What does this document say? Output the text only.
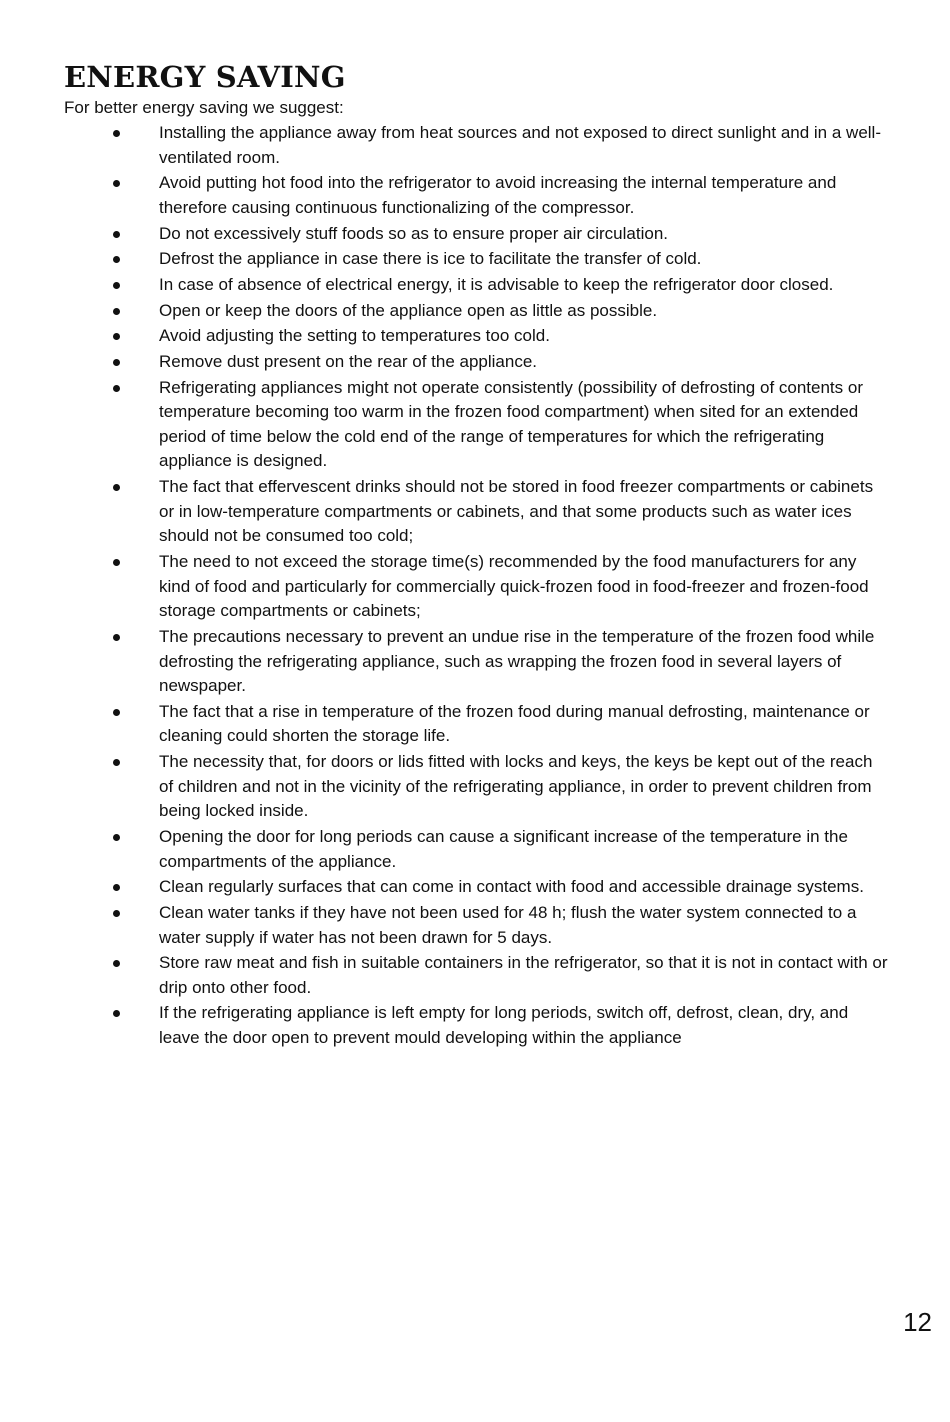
ENERGY SAVING

For better energy saving we suggest:

Installing the appliance away from heat sources and not exposed to direct sunlight and in a well-ventilated room.
Avoid putting hot food into the refrigerator to avoid increasing the internal temperature and therefore causing continuous functionalizing of the compressor.
Do not excessively stuff foods so as to ensure proper air circulation.
Defrost the appliance in case there is ice to facilitate the transfer of cold.
In case of absence of electrical energy, it is advisable to keep the refrigerator door closed.
Open or keep the doors of the appliance open as little as possible.
Avoid adjusting the setting to temperatures too cold.
Remove dust present on the rear of the appliance.
Refrigerating appliances might not operate consistently (possibility of defrosting of contents or temperature becoming too warm in the frozen food compartment) when sited for an extended period of time below the cold end of the range of temperatures for which the refrigerating appliance is designed.
The fact that effervescent drinks should not be stored in food freezer compartments or cabinets or in low-temperature compartments or cabinets, and that some products such as water ices should not be consumed too cold;
The need to not exceed the storage time(s) recommended by the food manufacturers for any kind of food and particularly for commercially quick-frozen food in food-freezer and frozen-food storage compartments or cabinets;
The precautions necessary to prevent an undue rise in the temperature of the frozen food while defrosting the refrigerating appliance, such as wrapping the frozen food in several layers of newspaper.
The fact that a rise in temperature of the frozen food during manual defrosting, maintenance or cleaning could shorten the storage life.
The necessity that, for doors or lids fitted with locks and keys, the keys be kept out of the reach of children and not in the vicinity of the refrigerating appliance, in order to prevent children from being locked inside.
Opening the door for long periods can cause a significant increase of the temperature in the compartments of the appliance.
Clean regularly surfaces that can come in contact with food and accessible drainage systems.
Clean water tanks if they have not been used for 48 h; flush the water system connected to a water supply if water has not been drawn for 5 days.
Store raw meat and fish in suitable containers in the refrigerator, so that it is not in contact with or drip onto other food.
If the refrigerating appliance is left empty for long periods, switch off, defrost, clean, dry, and leave the door open to prevent mould developing within the appliance
12
